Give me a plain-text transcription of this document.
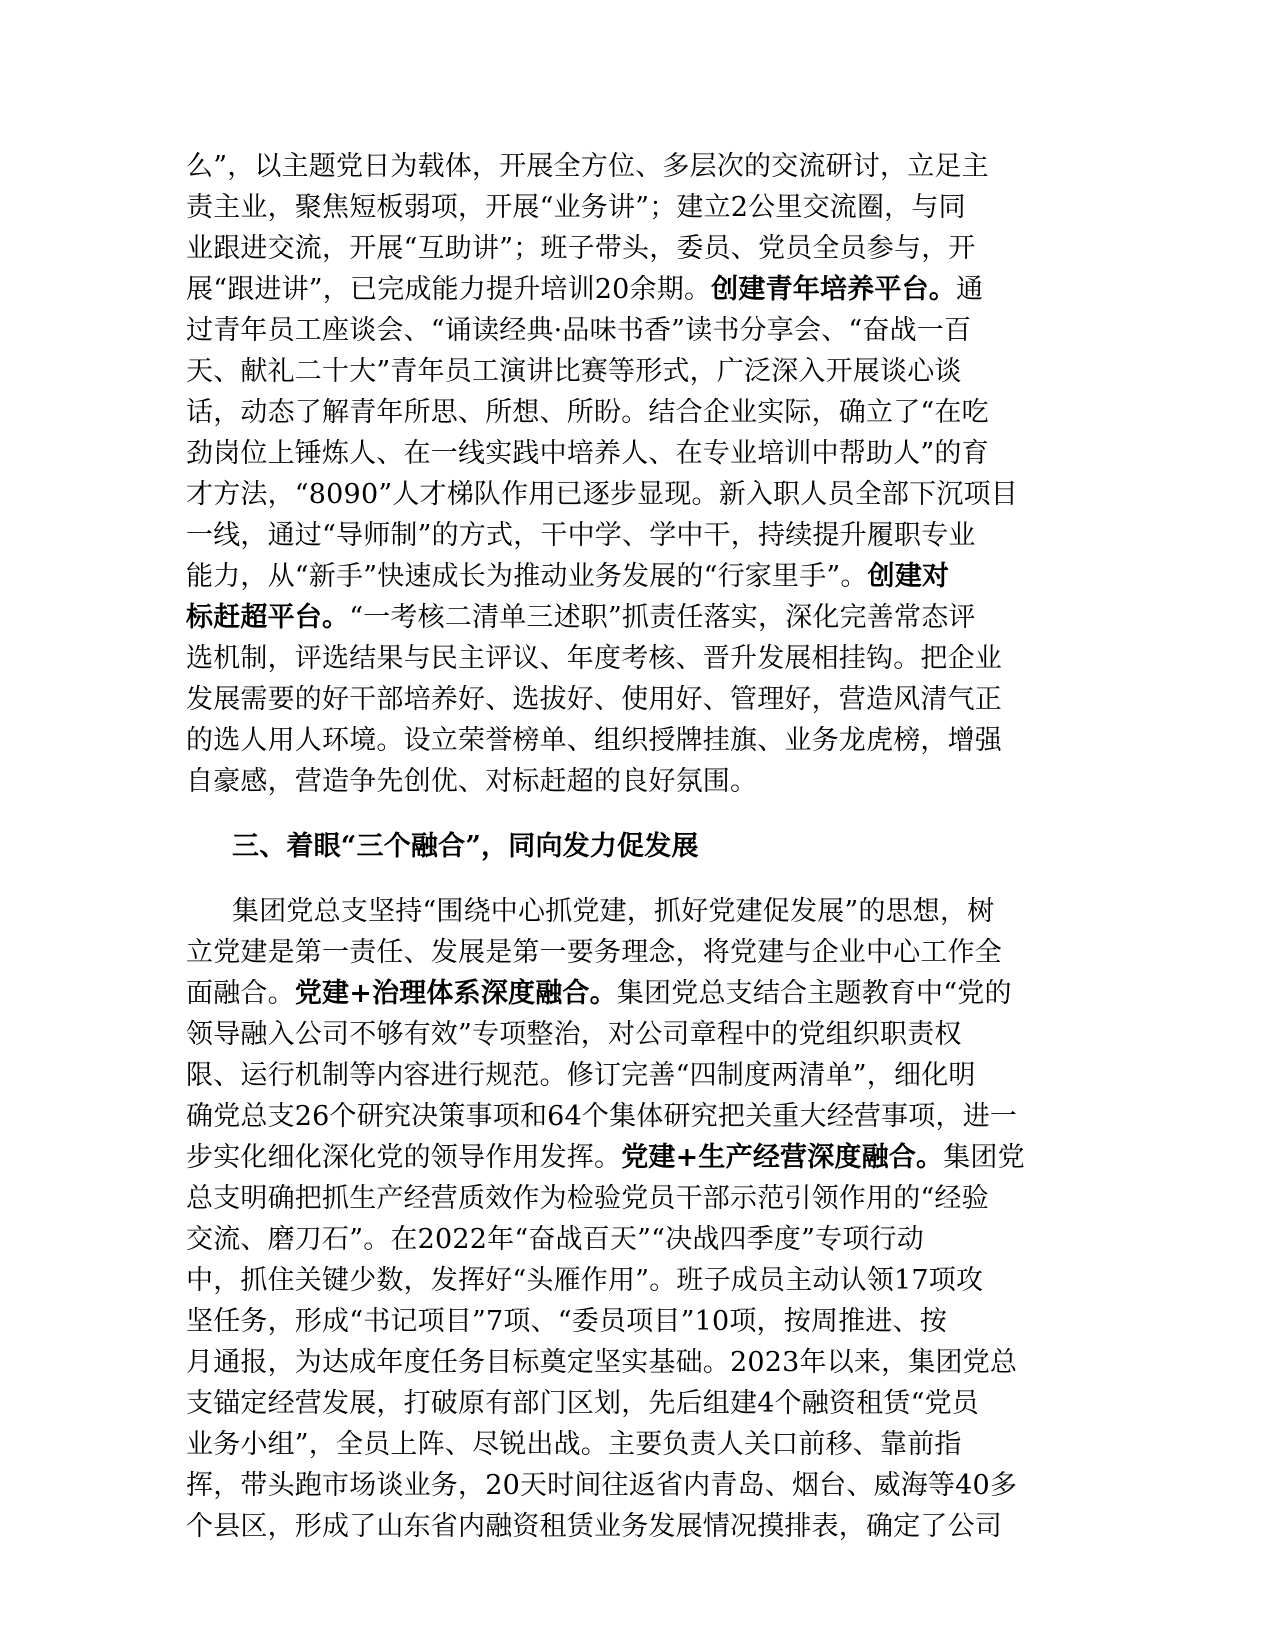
么”，以主题党日为载体，开展全方位、多层次的交流研讨，立足主
责主业，聚焦短板弱项，开展“业务讲”；建立2公里交流圈，与同
业跟进交流，开展“互助讲”；班子带头，委员、党员全员参与，开
展“跟进讲”，已完成能力提升培训20余期。创建青年培养平台。通
过青年员工座谈会、“诵读经典·品味书香”读书分享会、“奋战一百
天、献礼二十大”青年员工演讲比赛等形式，广泛深入开展谈心谈
话，动态了解青年所思、所想、所盼。结合企业实际，确立了“在吃
劲岗位上锤炼人、在一线实践中培养人、在专业培训中帮助人”的育
才方法，“8090”人才梯队作用已逐步显现。新入职人员全部下沉项目
一线，通过“导师制”的方式，干中学、学中干，持续提升履职专业
能力，从“新手”快速成长为推动业务发展的“行家里手”。创建对
标赶超平台。“一考核二清单三述职”抓责任落实，深化完善常态评
选机制，评选结果与民主评议、年度考核、晋升发展相挂钩。把企业
发展需要的好干部培养好、选拔好、使用好、管理好，营造风清气正
的选人用人环境。设立荣誉榜单、组织授牌挂旗、业务龙虎榜，增强
自豪感，营造争先创优、对标赶超的良好氛围。
三、着眼“三个融合”，同向发力促发展
集团党总支坚持“围绕中心抓党建，抓好党建促发展”的思想，树
立党建是第一责任、发展是第一要务理念，将党建与企业中心工作全
面融合。党建+治理体系深度融合。集团党总支结合主题教育中“党的
领导融入公司不够有效”专项整治，对公司章程中的党组织职责权
限、运行机制等内容进行规范。修订完善“四制度两清单”，细化明
确党总支26个研究决策事项和64个集体研究把关重大经营事项，进一
步实化细化深化党的领导作用发挥。党建+生产经营深度融合。集团党
总支明确把抓生产经营质效作为检验党员干部示范引领作用的“经验
交流、磨刀石”。在2022年“奋战百天”“决战四季度”专项行动
中，抓住关键少数，发挥好“头雁作用”。班子成员主动认领17项攻
坚任务，形成“书记项目”7项、“委员项目”10项，按周推进、按
月通报，为达成年度任务目标奠定坚实基础。2023年以来，集团党总
支锚定经营发展，打破原有部门区划，先后组建4个融资租赁“党员
业务小组”，全员上阵、尽锐出战。主要负责人关口前移、靠前指
挥，带头跑市场谈业务，20天时间往返省内青岛、烟台、威海等40多
个县区，形成了山东省内融资租赁业务发展情况摸排表，确定了公司
